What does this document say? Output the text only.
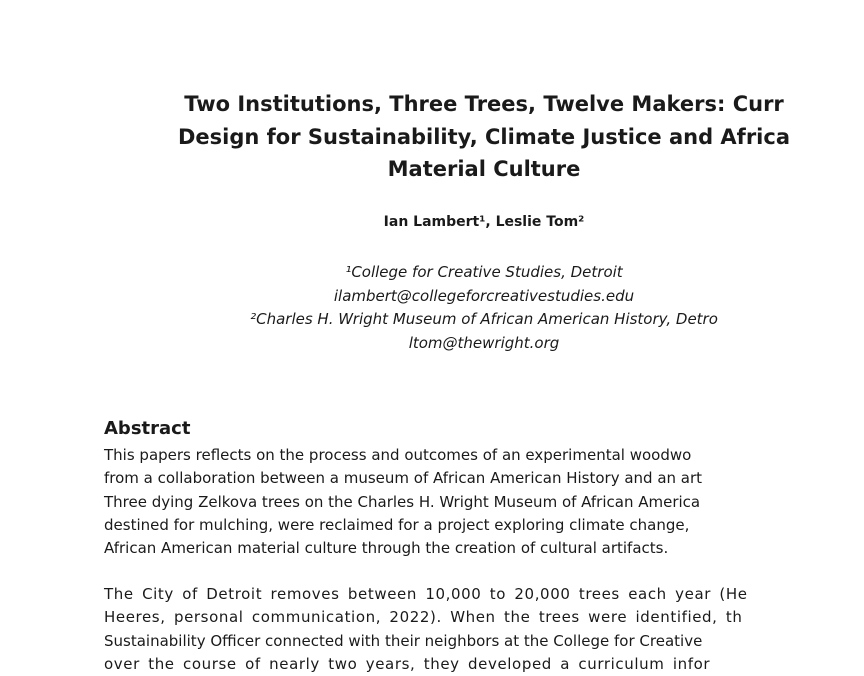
Two Institutions, Three Trees, Twelve Makers: Curr
Design for Sustainability, Climate Justice and Africa
Material Culture
Ian Lambert¹, Leslie Tom²
¹College for Creative Studies, Detroit
ilambert@collegeforcreativestudies.edu
²Charles H. Wright Museum of African American History, Detro
ltom@thewright.org
Abstract
This papers reflects on the process and outcomes of an experimental woodwo
from a collaboration between a museum of African American History and an art
Three dying Zelkova trees on the Charles H. Wright Museum of African America
destined for mulching, were reclaimed for a project exploring climate change,
African American material culture through the creation of cultural artifacts.
The City of Detroit removes between 10,000 to 20,000 trees each year (He
Heeres, personal communication, 2022). When the trees were identified, th
Sustainability Officer connected with their neighbors at the College for Creative
over the course of nearly two years, they developed a curriculum infor
